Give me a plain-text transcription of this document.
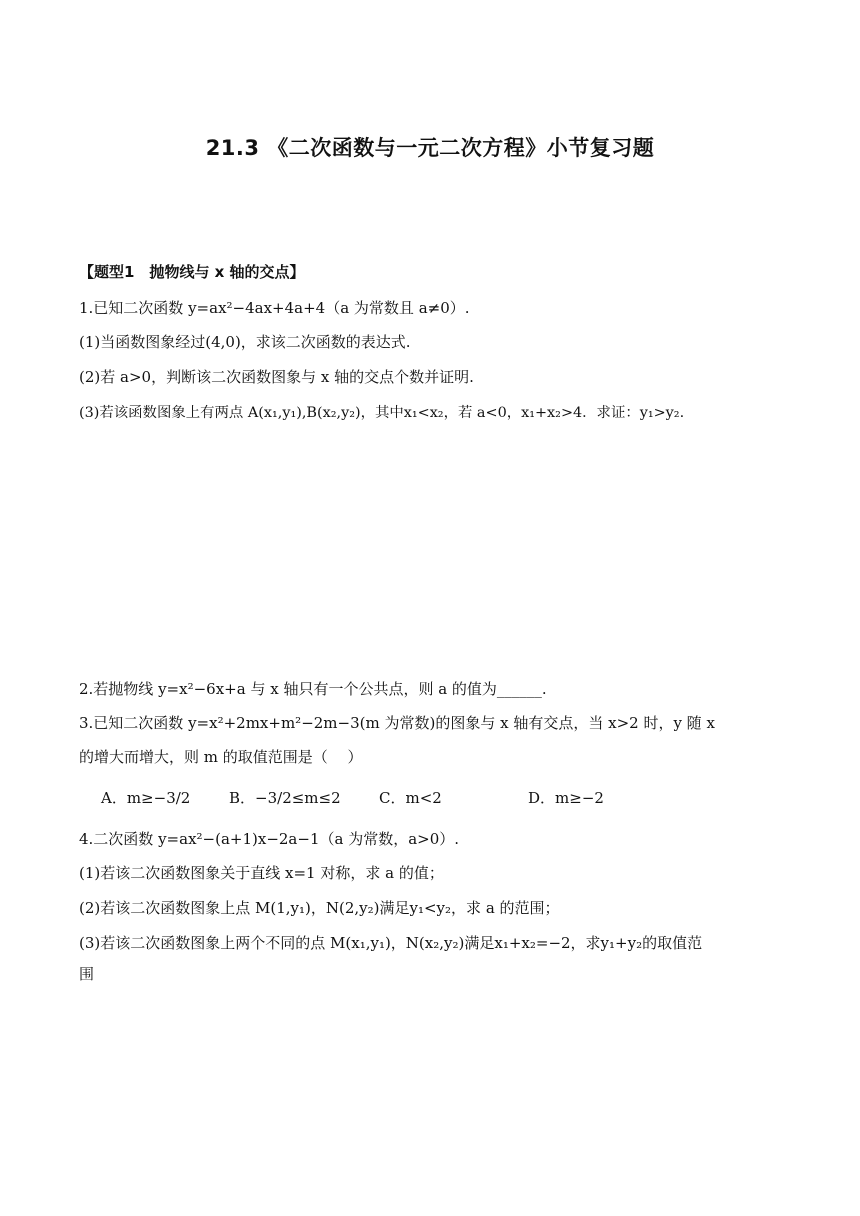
21.3 《二次函数与一元二次方程》小节复习题
【题型1　抛物线与 x 轴的交点】
1.已知二次函数 y=ax²−4ax+4a+4（a 为常数且 a≠0）.
(1)当函数图象经过(4,0)，求该二次函数的表达式.
(2)若 a>0，判断该二次函数图象与 x 轴的交点个数并证明.
(3)若该函数图象上有两点 A(x₁,y₁),B(x₂,y₂)，其中x₁<x₂，若 a<0，x₁+x₂>4．求证：y₁>y₂.
2.若抛物线 y=x²−6x+a 与 x 轴只有一个公共点，则 a 的值为______.
3.已知二次函数 y=x²+2mx+m²−2m−3(m 为常数)的图象与 x 轴有交点，当 x>2 时，y 随 x
的增大而增大，则 m 的取值范围是（　 ）
A．m≥−3/2	B．−3/2≤m≤2	C．m<2	D．m≥−2
4.二次函数 y=ax²−(a+1)x−2a−1（a 为常数，a>0）.
(1)若该二次函数图象关于直线 x=1 对称，求 a 的值；
(2)若该二次函数图象上点 M(1,y₁)，N(2,y₂)满足y₁<y₂，求 a 的范围；
(3)若该二次函数图象上两个不同的点 M(x₁,y₁)，N(x₂,y₂)满足x₁+x₂=−2，求y₁+y₂的取值范
围
